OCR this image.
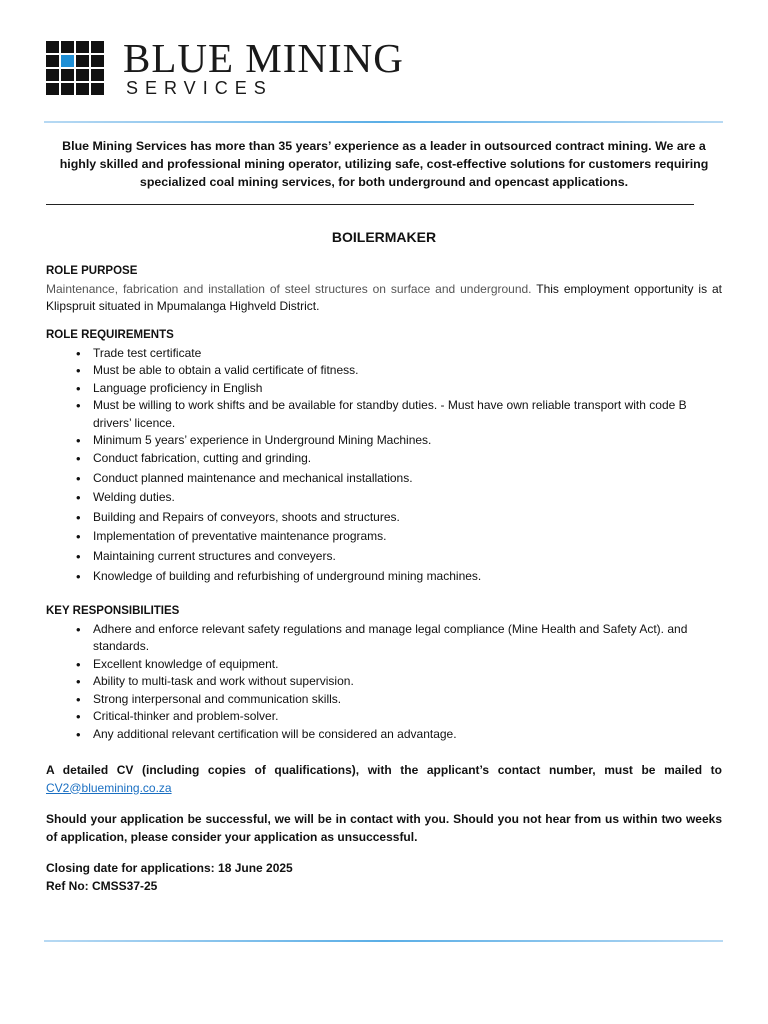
BLUE MINING
SERVICES
Blue Mining Services has more than 35 years’ experience as a leader in outsourced contract mining. We are a highly skilled and professional mining operator, utilizing safe, cost-effective solutions for customers requiring specialized coal mining services, for both underground and opencast applications.
BOILERMAKER
ROLE PURPOSE
Maintenance, fabrication and installation of steel structures on surface and underground. This employment opportunity is at Klipspruit situated in Mpumalanga Highveld District.
ROLE REQUIREMENTS
• Trade test certificate
• Must be able to obtain a valid certificate of fitness.
• Language proficiency in English
• Must be willing to work shifts and be available for standby duties. - Must have own reliable transport with code B drivers’ licence.
• Minimum 5 years’ experience in Underground Mining Machines.
• Conduct fabrication, cutting and grinding.
• Conduct planned maintenance and mechanical installations.
• Welding duties.
• Building and Repairs of conveyors, shoots and structures.
• Implementation of preventative maintenance programs.
• Maintaining current structures and conveyers.
• Knowledge of building and refurbishing of underground mining machines.
KEY RESPONSIBILITIES
• Adhere and enforce relevant safety regulations and manage legal compliance (Mine Health and Safety Act). and standards.
• Excellent knowledge of equipment.
• Ability to multi-task and work without supervision.
• Strong interpersonal and communication skills.
• Critical-thinker and problem-solver.
• Any additional relevant certification will be considered an advantage.
A detailed CV (including copies of qualifications), with the applicant’s contact number, must be mailed to CV2@bluemining.co.za
Should your application be successful, we will be in contact with you. Should you not hear from us within two weeks of application, please consider your application as unsuccessful.
Closing date for applications: 18 June 2025
Ref No: CMSS37-25
